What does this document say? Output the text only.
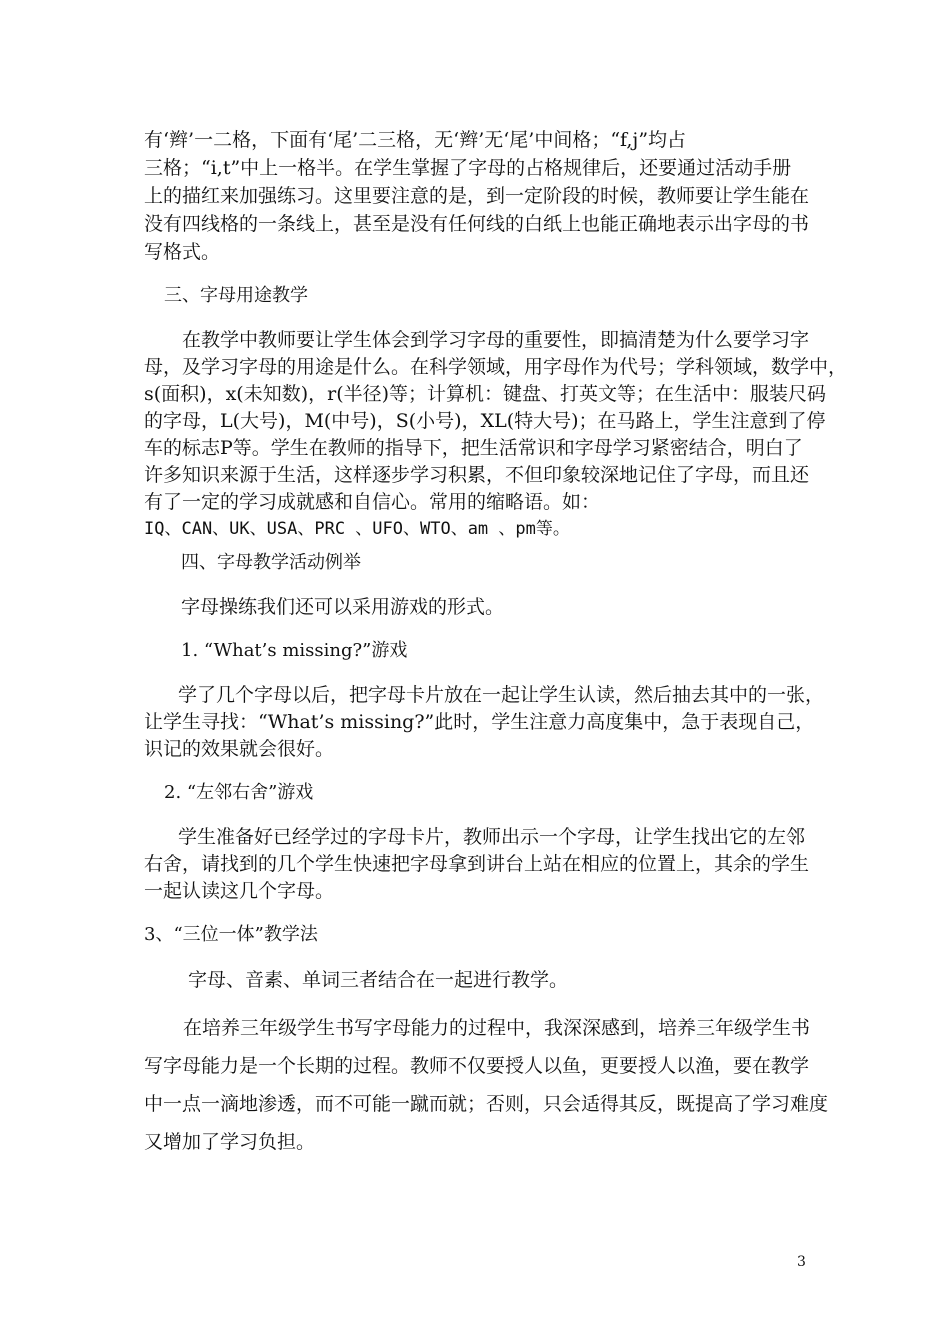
有‘辫’一二格，下面有‘尾’二三格，无‘辫’无‘尾’中间格；“f,j”均占
三格；“i,t”中上一格半。在学生掌握了字母的占格规律后，还要通过活动手册
上的描红来加强练习。这里要注意的是，到一定阶段的时候，教师要让学生能在
没有四线格的一条线上，甚至是没有任何线的白纸上也能正确地表示出字母的书
写格式。
三、字母用途教学
在教学中教师要让学生体会到学习字母的重要性，即搞清楚为什么要学习字
母，及学习字母的用途是什么。在科学领域，用字母作为代号；学科领域，数学中，
s(面积)，x(未知数)，r(半径)等；计算机：键盘、打英文等；在生活中：服装尺码
的字母，L(大号)，M(中号)，S(小号)，XL(特大号)；在马路上，学生注意到了停
车的标志P等。学生在教师的指导下，把生活常识和字母学习紧密结合，明白了
许多知识来源于生活，这样逐步学习积累，不但印象较深地记住了字母，而且还
有了一定的学习成就感和自信心。常用的缩略语。如：
IQ、CAN、UK、USA、PRC 、UFO、WTO、am 、pm等。
四、字母教学活动例举
字母操练我们还可以采用游戏的形式。
1. “What’s missing?”游戏
学了几个字母以后，把字母卡片放在一起让学生认读，然后抽去其中的一张，
让学生寻找：“What’s missing?”此时，学生注意力高度集中，急于表现自己，
识记的效果就会很好。
2. “左邻右舍”游戏
学生准备好已经学过的字母卡片，教师出示一个字母，让学生找出它的左邻
右舍，请找到的几个学生快速把字母拿到讲台上站在相应的位置上，其余的学生
一起认读这几个字母。
3、“三位一体”教学法
字母、音素、单词三者结合在一起进行教学。
在培养三年级学生书写字母能力的过程中，我深深感到，培养三年级学生书
写字母能力是一个长期的过程。教师不仅要授人以鱼，更要授人以渔，要在教学
中一点一滴地渗透，而不可能一蹴而就；否则，只会适得其反，既提高了学习难度
又增加了学习负担。
3
